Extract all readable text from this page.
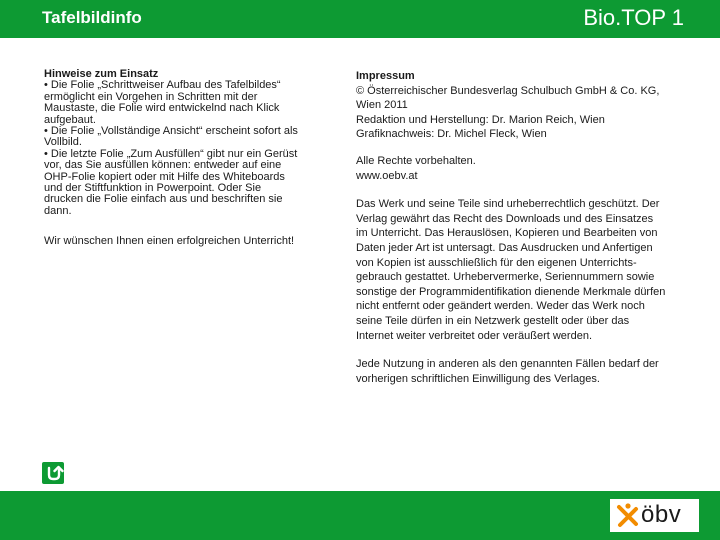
Tafelbildinfo	Bio.TOP 1
Hinweise zum Einsatz
• Die Folie „Schrittweiser Aufbau des Tafelbildes“
ermöglicht ein Vorgehen in Schritten mit der
Maustaste, die Folie wird entwickelnd nach Klick
aufgebaut.
• Die Folie „Vollständige Ansicht“ erscheint sofort als
Vollbild.
• Die letzte Folie „Zum Ausfüllen“ gibt nur ein Gerüst
vor, das Sie ausfüllen können: entweder auf eine
OHP-Folie kopiert oder mit Hilfe des Whiteboards
und der Stiftfunktion in Powerpoint. Oder Sie
drucken die Folie einfach aus und beschriften sie
dann.
Wir wünschen Ihnen einen erfolgreichen Unterricht!
Impressum
© Österreichischer Bundesverlag Schulbuch GmbH & Co. KG,
Wien 2011
Redaktion und Herstellung: Dr. Marion Reich, Wien
Grafiknachweis: Dr. Michel Fleck, Wien
Alle Rechte vorbehalten.
www.oebv.at
Das Werk und seine Teile sind urheberrechtlich geschützt. Der
Verlag gewährt das Recht des Downloads und des Einsatzes
im Unterricht. Das Herauslösen, Kopieren und Bearbeiten von
Daten jeder Art ist untersagt. Das Ausdrucken und Anfertigen
von Kopien ist ausschließlich für den eigenen Unterrichts-
gebrauch gestattet. Urhebervermerke, Seriennummern sowie
sonstige der Programmidentifikation dienende Merkmale dürfen
nicht entfernt oder geändert werden. Weder das Werk noch
seine Teile dürfen in ein Netzwerk gestellt oder über das
Internet weiter verbreitet oder veräußert werden.
Jede Nutzung in anderen als den genannten Fällen bedarf der
vorherigen schriftlichen Einwilligung des Verlages.
öbv
